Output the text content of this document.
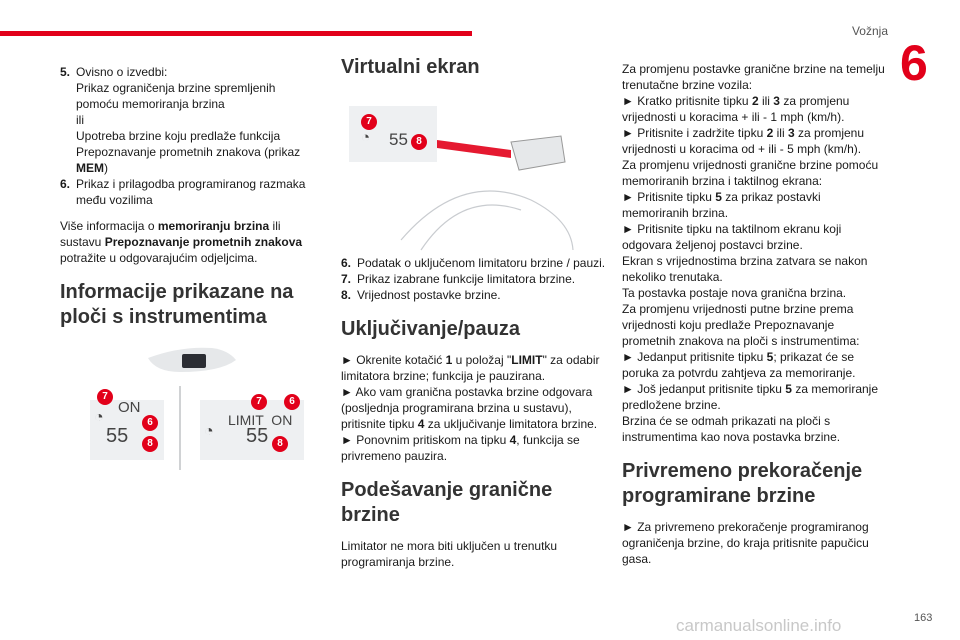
Vožnja
6
5. Ovisno o izvedbi:

Prikaz ograničenja brzine spremljenih pomoću memoriranja brzina

ili

Upotreba brzine koju predlaže funkcija Prepoznavanje prometnih znakova (prikaz MEM)

6. Prikaz i prilagodba programiranog razmaka među vozilima

Više informacija o memoriranju brzina ili sustavu Prepoznavanje prometnih znakova potražite u odgovarajućim odjeljcima.

Informacije prikazane na ploči s instrumentima
7
◔
ON
6
55	8
7	6
◔
LIMIT  ON
55 8
Virtualni ekran
7
◔ 55 8
6. Podatak o uključenom limitatoru brzine / pauzi.
7. Prikaz izabrane funkcije limitatora brzine.
8. Vrijednost postavke brzine.
Uključivanje/pauza

► Okrenite kotačić 1 u položaj "LIMIT" za odabir limitatora brzine; funkcija je pauzirana.

► Ako vam granična postavka brzine odgovara (posljednja programirana brzina u sustavu), pritisnite tipku 4 za uključivanje limitatora brzine.

► Ponovnim pritiskom na tipku 4, funkcija se privremeno pauzira.

Podešavanje granične brzine

Limitator ne mora biti uključen u trenutku programiranja brzine.

Za promjenu postavke granične brzine na temelju trenutačne brzine vozila:

► Kratko pritisnite tipku 2 ili 3 za promjenu vrijednosti u koracima + ili - 1 mph (km/h).

► Pritisnite i zadržite tipku 2 ili 3 za promjenu vrijednosti u koracima od + ili - 5 mph (km/h).

Za promjenu vrijednosti granične brzine pomoću memoriranih brzina i taktilnog ekrana:

► Pritisnite tipku 5 za prikaz postavki memoriranih brzina.

► Pritisnite tipku na taktilnom ekranu koji odgovara željenoj postavci brzine.

Ekran s vrijednostima brzina zatvara se nakon nekoliko trenutaka.

Ta postavka postaje nova granična brzina.

Za promjenu vrijednosti putne brzine prema vrijednosti koju predlaže Prepoznavanje prometnih znakova na ploči s instrumentima:

► Jedanput pritisnite tipku 5; prikazat će se poruka za potvrdu zahtjeva za memoriranje.

► Još jedanput pritisnite tipku 5 za memoriranje predložene brzine.

Brzina će se odmah prikazati na ploči s instrumentima kao nova postavka brzine.

Privremeno prekoračenje programirane brzine

► Za privremeno prekoračenje programiranog ograničenja brzine, do kraja pritisnite papučicu gasa.

carmanualsonline.info	163
